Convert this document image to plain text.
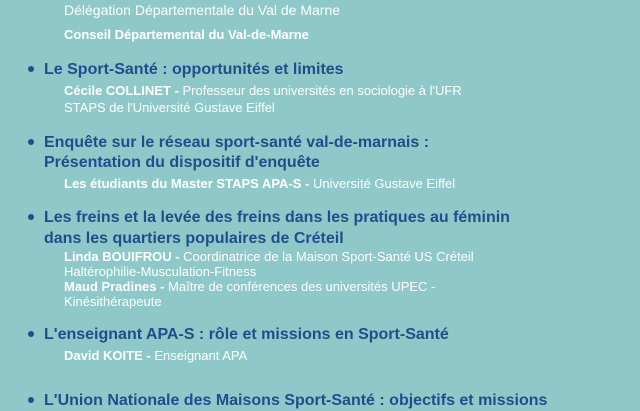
Délégation Départementale du Val de Marne
Conseil Départemental du Val-de-Marne
Le Sport-Santé : opportunités et limites
Cécile COLLINET - Professeur des universités en sociologie à l'UFR
STAPS de l'Université Gustave Eiffel
Enquête sur le réseau sport-santé val-de-marnais :
Présentation du dispositif d'enquête
Les étudiants du Master STAPS APA-S - Université Gustave Eiffel
Les freins et la levée des freins dans les pratiques au féminin
dans les quartiers populaires de Créteil
Linda BOUIFROU - Coordinatrice de la Maison Sport-Santé US Créteil
Haltérophilie-Musculation-Fitness
Maud Pradines - Maître de conférences des universités UPEC -
Kinésithérapeute
L'enseignant APA-S : rôle et missions en Sport-Santé
David KOITE - Enseignant APA
L'Union Nationale des Maisons Sport-Santé : objectifs et missions
